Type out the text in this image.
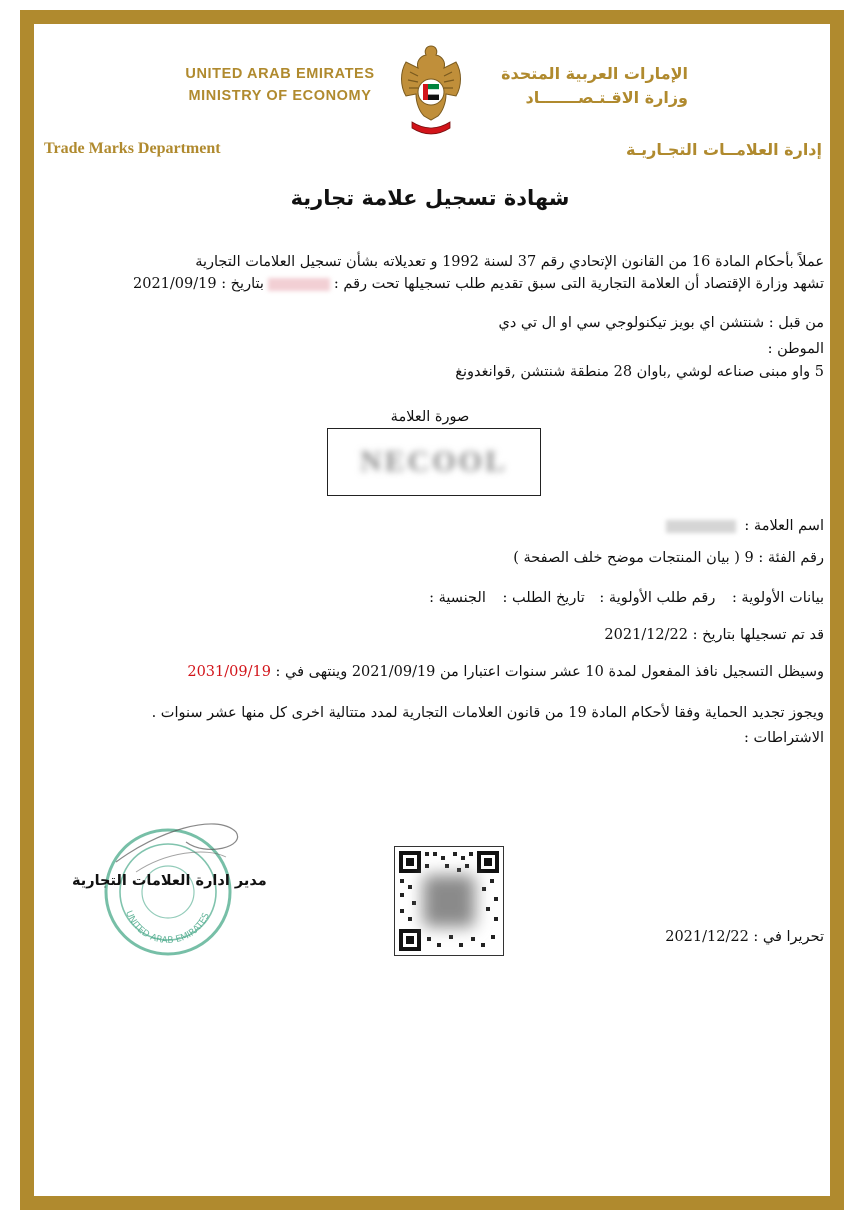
UNITED ARAB EMIRATES
MINISTRY OF ECONOMY
الإمارات العربية المتحدة
وزارة الاقـتـصـــــــاد
Trade Marks Department	إدارة العلامــات التجـاريـة
شهادة تسجيل علامة تجارية
عملاً بأحكام المادة 16 من القانون الإتحادي رقم 37 لسنة 1992 و تعديلاته بشأن تسجيل العلامات التجارية
تشهد وزارة الإقتصاد أن العلامة التجارية التى سبق تقديم طلب تسجيلها تحت رقم :بتاريخ : 2021/09/19
من قبل : شنتشن اي بويز تيكنولوجي سي او ال تي دي
الموطن :
5 واو مبنى صناعه لوشي ,باوان 28 منطقة شنتشن ,قوانغدونغ
صورة العلامة
NECOOL
اسم العلامة :
رقم الفئة : 9 ( بيان المنتجات موضح خلف الصفحة )
بيانات الأولوية : رقم طلب الأولوية : تاريخ الطلب : الجنسية :
قد تم تسجيلها بتاريخ : 2021/12/22
وسيظل التسجيل نافذ المفعول لمدة 10 عشر سنوات اعتبارا من 2021/09/19 وينتهى في : 2031/09/19
ويجوز تجديد الحماية وفقا لأحكام المادة 19 من قانون العلامات التجارية لمدد متتالية اخرى كل منها عشر سنوات .
الاشتراطات :
UNITED ARAB EMIRATES
مدير ادارة العلامات التجارية
تحريرا في : 2021/12/22
